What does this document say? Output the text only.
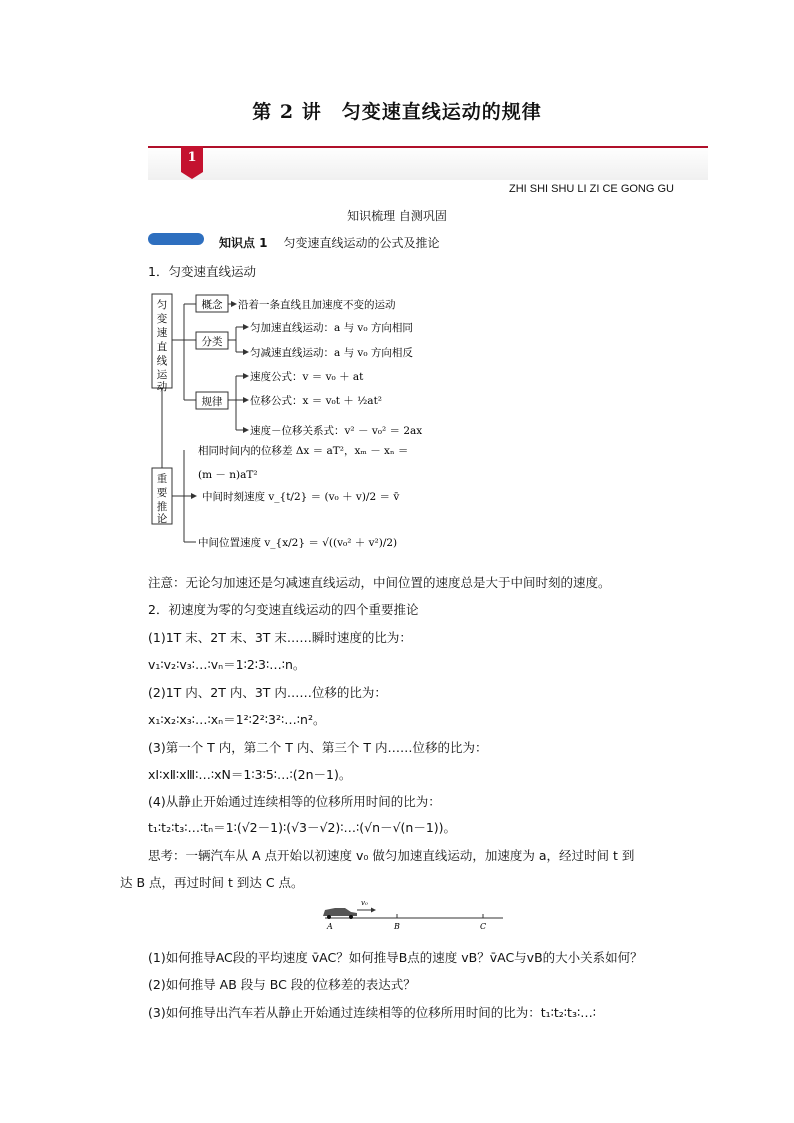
第 2 讲　匀变速直线运动的规律
1
ZHI SHI SHU LI ZI CE GONG GU
知识梳理 自测巩固
知识点 1 匀变速直线运动的公式及推论
1．匀变速直线运动
匀
变
速
直
线
运
动
概念 沿着一条直线且加速度不变的运动
分类
匀加速直线运动：a 与 v₀ 方向相同
匀减速直线运动：a 与 v₀ 方向相反
规律
速度公式：v ＝ v₀ ＋ at
位移公式：x ＝ v₀t ＋ ½at²
速度－位移关系式：v² － v₀² ＝ 2ax
重
要
推
论
相同时间内的位移差 Δx ＝ aT²，xₘ － xₙ ＝
(m － n)aT²
中间时刻速度 v_{t/2} ＝ (v₀ ＋ v)/2 ＝ v̄
中间位置速度 v_{x/2} ＝ √((v₀² ＋ v²)/2)
注意：无论匀加速还是匀减速直线运动，中间位置的速度总是大于中间时刻的速度。
2．初速度为零的匀变速直线运动的四个重要推论
(1)1T 末、2T 末、3T 末……瞬时速度的比为：
v₁∶v₂∶v₃∶…∶vₙ＝1∶2∶3∶…∶n。
(2)1T 内、2T 内、3T 内……位移的比为：
x₁∶x₂∶x₃∶…∶xₙ＝1²∶2²∶3²∶…∶n²。
(3)第一个 T 内，第二个 T 内、第三个 T 内……位移的比为：
xⅠ∶xⅡ∶xⅢ∶…∶xN＝1∶3∶5∶…∶(2n－1)。
(4)从静止开始通过连续相等的位移所用时间的比为：
t₁∶t₂∶t₃∶…∶tₙ＝1∶(√2－1)∶(√3－√2)∶…∶(√n－√(n－1))。
思考：一辆汽车从 A 点开始以初速度 v₀ 做匀加速直线运动，加速度为 a，经过时间 t 到
达 B 点，再过时间 t 到达 C 点。
v₀
A	B	C
(1)如何推导AC段的平均速度 v̄AC？如何推导B点的速度 vB？v̄AC与vB的大小关系如何？
(2)如何推导 AB 段与 BC 段的位移差的表达式？
(3)如何推导出汽车若从静止开始通过连续相等的位移所用时间的比为：t₁∶t₂∶t₃∶…∶
